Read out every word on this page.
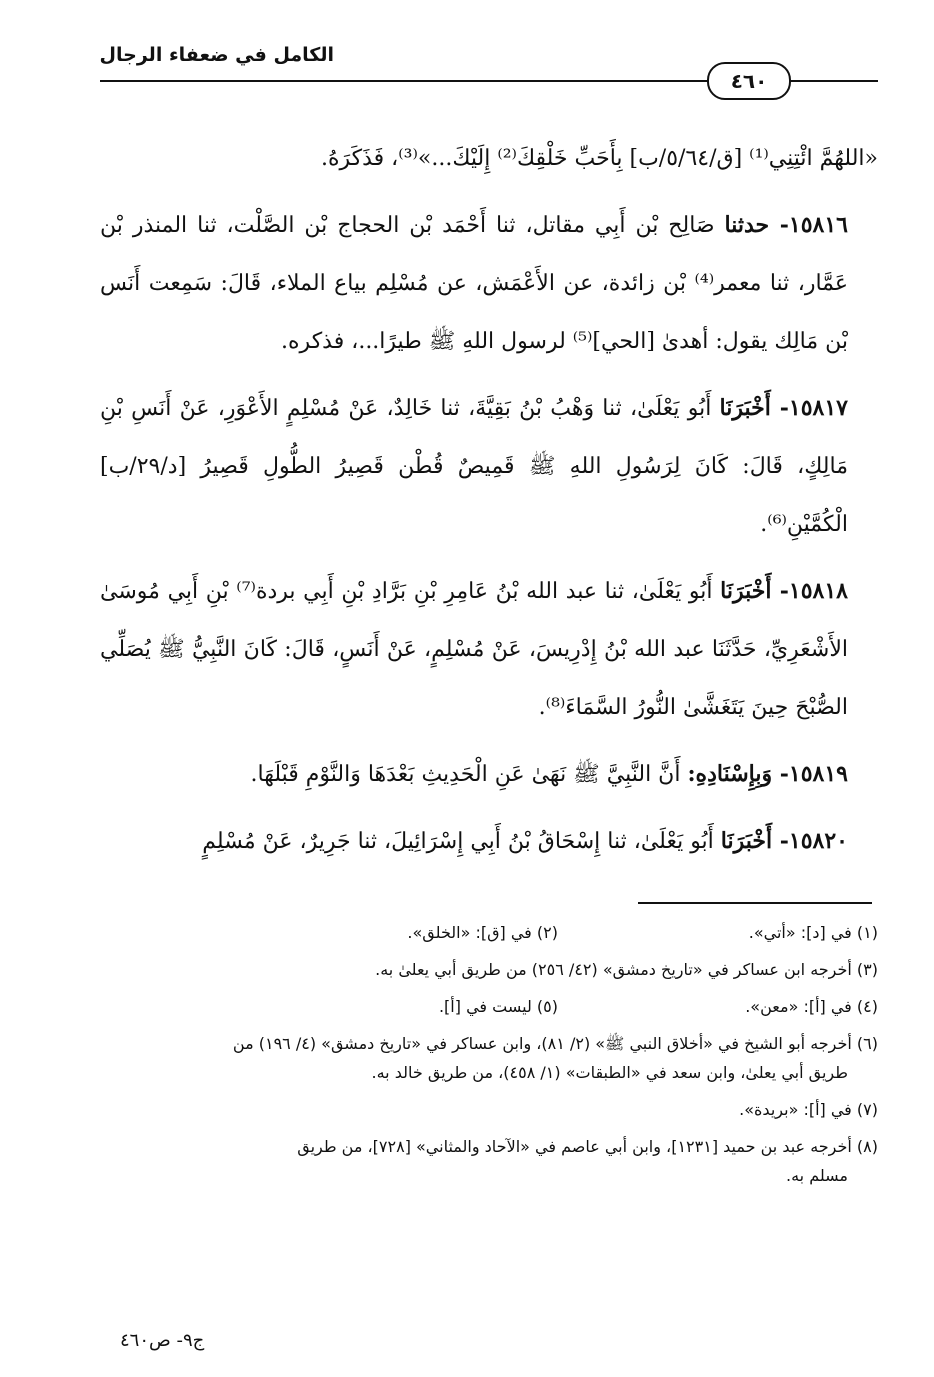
الكامل في ضعفاء الرجال
٤٦٠

«اللهُمَّ ائْتِنِي⁽¹⁾ [ق/٥/٦٤/ب] بِأَحَبِّ خَلْقِكَ⁽²⁾ إِلَيْكَ...»⁽³⁾، فَذَكَرَهُ.

١٥٨١٦- حدثنا صَالِح بْن أَبِي مقاتل، ثنا أَحْمَد بْن الحجاج بْن الصَّلْت، ثنا المنذر بْن عَمَّار، ثنا معمر⁽⁴⁾ بْن زائدة، عن الأَعْمَش، عن مُسْلِم بياع الملاء، قَالَ: سَمِعت أَنَس بْن مَالِك يقول: أهدىٰ [الحي]⁽⁵⁾ لرسول اللهِ ﷺ طيرًا...، فذكره.

١٥٨١٧- أَخْبَرَنَا أَبُو يَعْلَىٰ، ثنا وَهْبُ بْنُ بَقِيَّةَ، ثنا خَالِدٌ، عَنْ مُسْلِمٍ الأَعْوَرِ، عَنْ أَنَسِ بْنِ مَالِكٍ، قَالَ: كَانَ لِرَسُولِ اللهِ ﷺ قَمِيصٌ قُطْن قَصِيرُ الطُّولِ قَصِيرُ [د/٢٩/ب] الْكُمَّيْنِ⁽⁶⁾.

١٥٨١٨- أَخْبَرَنَا أَبُو يَعْلَىٰ، ثنا عبد الله بْنُ عَامِرِ بْنِ بَرَّادِ بْنِ أَبِي بردة⁽⁷⁾ بْنِ أَبِي مُوسَىٰ الأَشْعَرِيِّ، حَدَّثَنَا عبد الله بْنُ إِدْرِيسَ، عَنْ مُسْلِمٍ، عَنْ أَنَسٍ، قَالَ: كَانَ النَّبِيُّ ﷺ يُصَلِّي الصُّبْحَ حِينَ يَتَغَشَّىٰ النُّورُ السَّمَاءَ⁽⁸⁾.

١٥٨١٩- وَبِإِسْنَادِهِ: أَنَّ النَّبِيَّ ﷺ نَهَىٰ عَنِ الْحَدِيثِ بَعْدَهَا وَالنَّوْمِ قَبْلَهَا.

١٥٨٢٠- أَخْبَرَنَا أَبُو يَعْلَىٰ، ثنا إِسْحَاقُ بْنُ أَبِي إِسْرَائِيلَ، ثنا جَرِيرٌ، عَنْ مُسْلِمٍ

(١) في [د]: «أتي».
(٢) في [ق]: «الخلق».
(٣) أخرجه ابن عساكر في «تاريخ دمشق» (٤٢/ ٢٥٦) من طريق أبي يعلىٰ به.
(٤) في [أ]: «معن».
(٥) ليست في [أ].
(٦) أخرجه أبو الشيخ في «أخلاق النبي ﷺ» (٢/ ٨١)، وابن عساكر في «تاريخ دمشق» (٤/ ١٩٦) من
طريق أبي يعلىٰ، وابن سعد في «الطبقات» (١/ ٤٥٨)، من طريق خالد به.
(٧) في [أ]: «بريدة».
(٨) أخرجه عبد بن حميد [١٢٣١]، وابن أبي عاصم في «الآحاد والمثاني» [٧٢٨]، من طريق
مسلم به.
ج٩- ص٤٦٠
